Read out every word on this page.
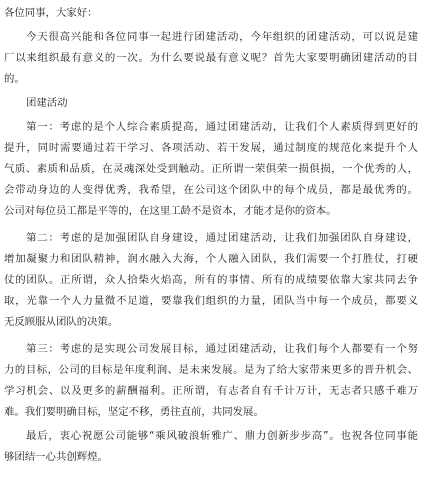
各位同事，大家好：
今天很高兴能和各位同事一起进行团建活动，今年组织的团建活动，可以说是建
厂以来组织最有意义的一次。为什么要说最有意义呢？首先大家要明确团建活动的目
的。
团建活动
第一：考虑的是个人综合素质提高，通过团建活动，让我们个人素质得到更好的
提升，同时需要通过若干学习、各项活动、若干发展，通过制度的规范化来提升个人
气质、素质和品质，在灵魂深处受到触动。正所谓一荣俱荣一损俱损，一个优秀的人，
会带动身边的人变得优秀，我希望，在公司这个团队中的每个成员，都是最优秀的。
公司对每位员工都是平等的，在这里工龄不是资本，才能才是你的资本。
第二：考虑的是加强团队自身建设，通过团建活动，让我们加强团队自身建设，
增加凝聚力和团队精神，润水融入大海，个人融入团队，我们需要一个打胜仗，打硬
仗的团队。正所谓，众人拾柴火焰高，所有的事情、所有的成绩要依靠大家共同去争
取，光靠一个人力量微不足道，要靠我们组织的力量，团队当中每一个成员，都要义
无反顾服从团队的决策。
第三：考虑的是实现公司发展目标，通过团建活动，让我们每个人都要有一个努
力的目标，公司的目标是年度利润、是未来发展。是为了给大家带来更多的晋升机会、
学习机会、以及更多的薪酬福利。正所谓，有志者自有千计万计，无志者只感千难万
难。我们要明确目标，坚定不移，勇往直前，共同发展。
最后，衷心祝愿公司能够“乘风破浪斩雅广、鼎力创新步步高”。也祝各位同事能
够团结一心共创辉煌。
